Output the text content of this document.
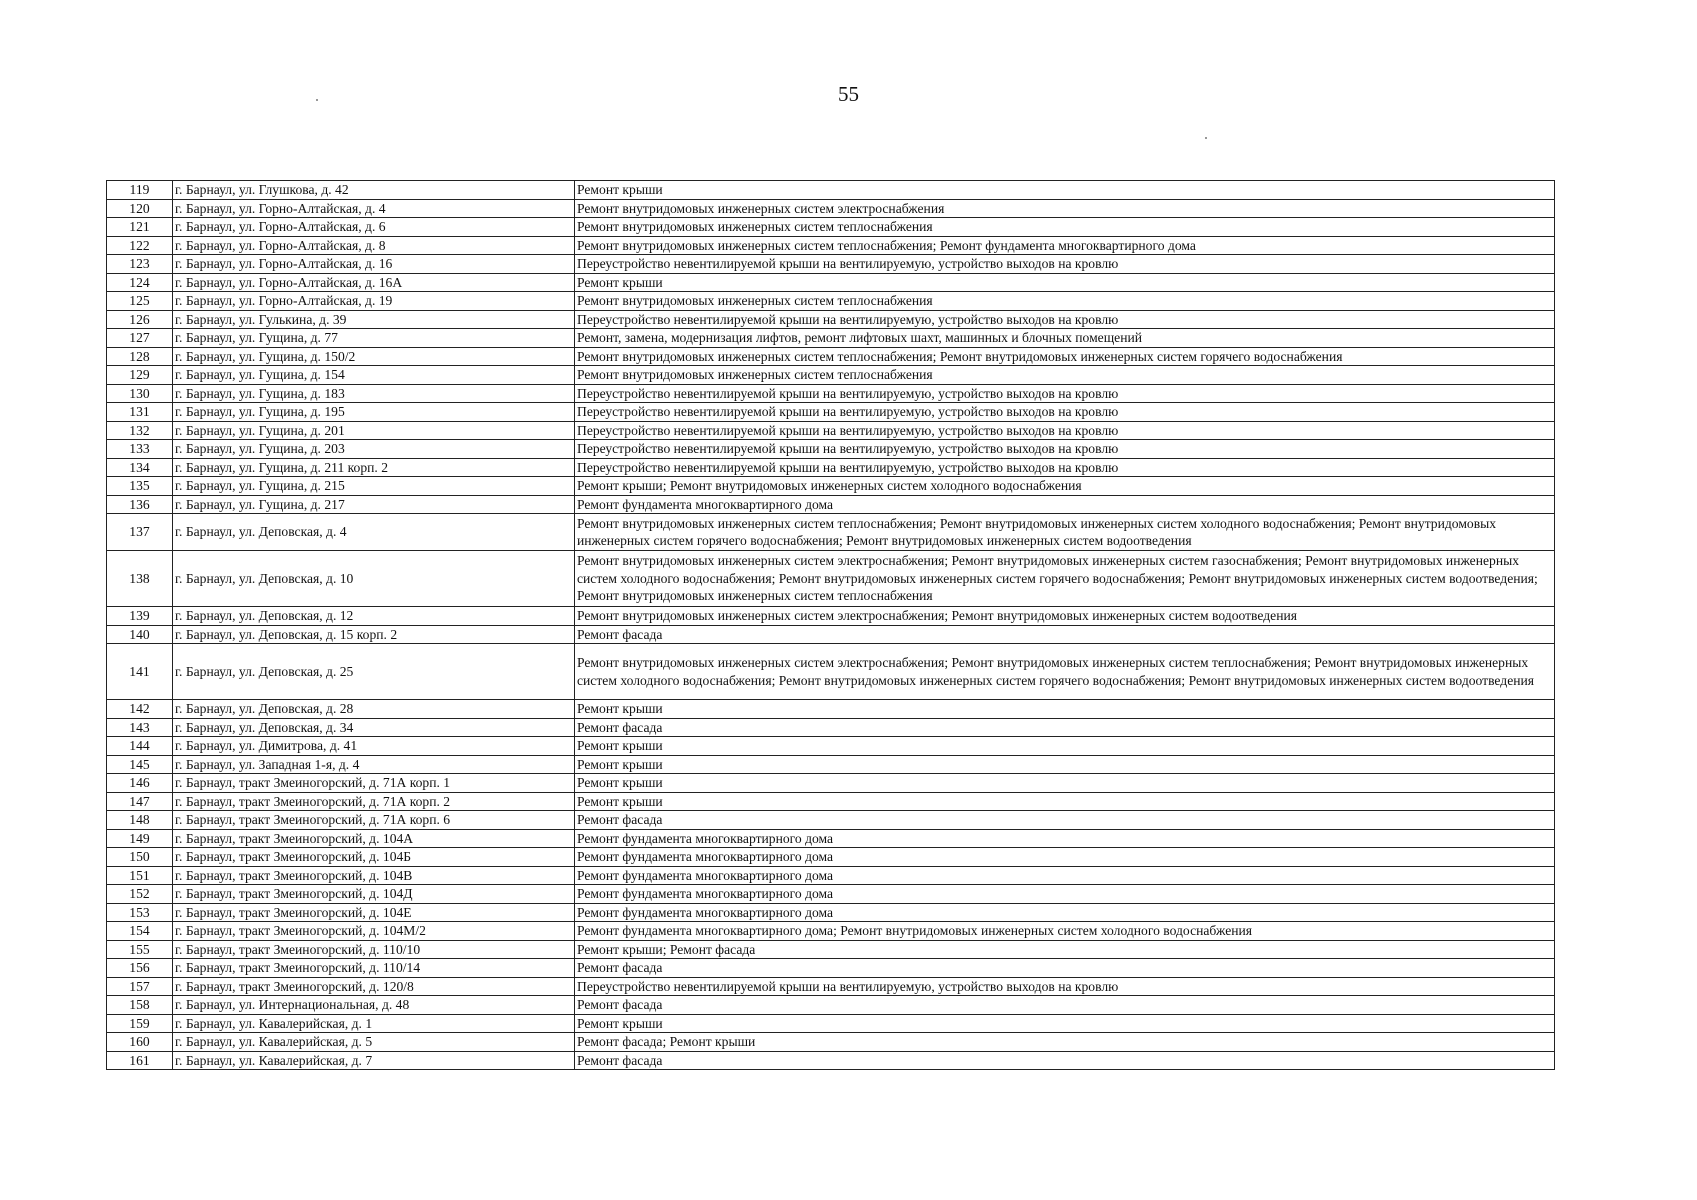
55
119	г. Барнаул, ул. Глушкова, д. 42	Ремонт крыши
120	г. Барнаул, ул. Горно-Алтайская, д. 4	Ремонт внутридомовых инженерных систем электроснабжения
121	г. Барнаул, ул. Горно-Алтайская, д. 6	Ремонт внутридомовых инженерных систем теплоснабжения
122	г. Барнаул, ул. Горно-Алтайская, д. 8	Ремонт внутридомовых инженерных систем теплоснабжения; Ремонт фундамента многоквартирного дома
123	г. Барнаул, ул. Горно-Алтайская, д. 16	Переустройство невентилируемой крыши на вентилируемую, устройство выходов на кровлю
124	г. Барнаул, ул. Горно-Алтайская, д. 16А	Ремонт крыши
125	г. Барнаул, ул. Горно-Алтайская, д. 19	Ремонт внутридомовых инженерных систем теплоснабжения
126	г. Барнаул, ул. Гулькина, д. 39	Переустройство невентилируемой крыши на вентилируемую, устройство выходов на кровлю
127	г. Барнаул, ул. Гущина, д. 77	Ремонт, замена, модернизация лифтов, ремонт лифтовых шахт, машинных и блочных помещений
128	г. Барнаул, ул. Гущина, д. 150/2	Ремонт внутридомовых инженерных систем теплоснабжения; Ремонт внутридомовых инженерных систем горячего водоснабжения
129	г. Барнаул, ул. Гущина, д. 154	Ремонт внутридомовых инженерных систем теплоснабжения
130	г. Барнаул, ул. Гущина, д. 183	Переустройство невентилируемой крыши на вентилируемую, устройство выходов на кровлю
131	г. Барнаул, ул. Гущина, д. 195	Переустройство невентилируемой крыши на вентилируемую, устройство выходов на кровлю
132	г. Барнаул, ул. Гущина, д. 201	Переустройство невентилируемой крыши на вентилируемую, устройство выходов на кровлю
133	г. Барнаул, ул. Гущина, д. 203	Переустройство невентилируемой крыши на вентилируемую, устройство выходов на кровлю
134	г. Барнаул, ул. Гущина, д. 211 корп. 2	Переустройство невентилируемой крыши на вентилируемую, устройство выходов на кровлю
135	г. Барнаул, ул. Гущина, д. 215	Ремонт крыши; Ремонт внутридомовых инженерных систем холодного водоснабжения
136	г. Барнаул, ул. Гущина, д. 217	Ремонт фундамента многоквартирного дома
137	г. Барнаул, ул. Деповская, д. 4	Ремонт внутридомовых инженерных систем теплоснабжения; Ремонт внутридомовых инженерных систем холодного водоснабжения; Ремонт внутридомовых инженерных систем горячего водоснабжения; Ремонт внутридомовых инженерных систем водоотведения
138	г. Барнаул, ул. Деповская, д. 10	Ремонт внутридомовых инженерных систем электроснабжения; Ремонт внутридомовых инженерных систем газоснабжения; Ремонт внутридомовых инженерных систем холодного водоснабжения; Ремонт внутридомовых инженерных систем горячего водоснабжения; Ремонт внутридомовых инженерных систем водоотведения; Ремонт внутридомовых инженерных систем теплоснабжения
139	г. Барнаул, ул. Деповская, д. 12	Ремонт внутридомовых инженерных систем электроснабжения; Ремонт внутридомовых инженерных систем водоотведения
140	г. Барнаул, ул. Деповская, д. 15 корп. 2	Ремонт фасада
141	г. Барнаул, ул. Деповская, д. 25	Ремонт внутридомовых инженерных систем электроснабжения; Ремонт внутридомовых инженерных систем теплоснабжения; Ремонт внутридомовых инженерных систем холодного водоснабжения; Ремонт внутридомовых инженерных систем горячего водоснабжения; Ремонт внутридомовых инженерных систем водоотведения
142	г. Барнаул, ул. Деповская, д. 28	Ремонт крыши
143	г. Барнаул, ул. Деповская, д. 34	Ремонт фасада
144	г. Барнаул, ул. Димитрова, д. 41	Ремонт крыши
145	г. Барнаул, ул. Западная 1-я, д. 4	Ремонт крыши
146	г. Барнаул, тракт Змеиногорский, д. 71А корп. 1	Ремонт крыши
147	г. Барнаул, тракт Змеиногорский, д. 71А корп. 2	Ремонт крыши
148	г. Барнаул, тракт Змеиногорский, д. 71А корп. 6	Ремонт фасада
149	г. Барнаул, тракт Змеиногорский, д. 104А	Ремонт фундамента многоквартирного дома
150	г. Барнаул, тракт Змеиногорский, д. 104Б	Ремонт фундамента многоквартирного дома
151	г. Барнаул, тракт Змеиногорский, д. 104В	Ремонт фундамента многоквартирного дома
152	г. Барнаул, тракт Змеиногорский, д. 104Д	Ремонт фундамента многоквартирного дома
153	г. Барнаул, тракт Змеиногорский, д. 104Е	Ремонт фундамента многоквартирного дома
154	г. Барнаул, тракт Змеиногорский, д. 104М/2	Ремонт фундамента многоквартирного дома; Ремонт внутридомовых инженерных систем холодного водоснабжения
155	г. Барнаул, тракт Змеиногорский, д. 110/10	Ремонт крыши; Ремонт фасада
156	г. Барнаул, тракт Змеиногорский, д. 110/14	Ремонт фасада
157	г. Барнаул, тракт Змеиногорский, д. 120/8	Переустройство невентилируемой крыши на вентилируемую, устройство выходов на кровлю
158	г. Барнаул, ул. Интернациональная, д. 48	Ремонт фасада
159	г. Барнаул, ул. Кавалерийская, д. 1	Ремонт крыши
160	г. Барнаул, ул. Кавалерийская, д. 5	Ремонт фасада; Ремонт крыши
161	г. Барнаул, ул. Кавалерийская, д. 7	Ремонт фасада
